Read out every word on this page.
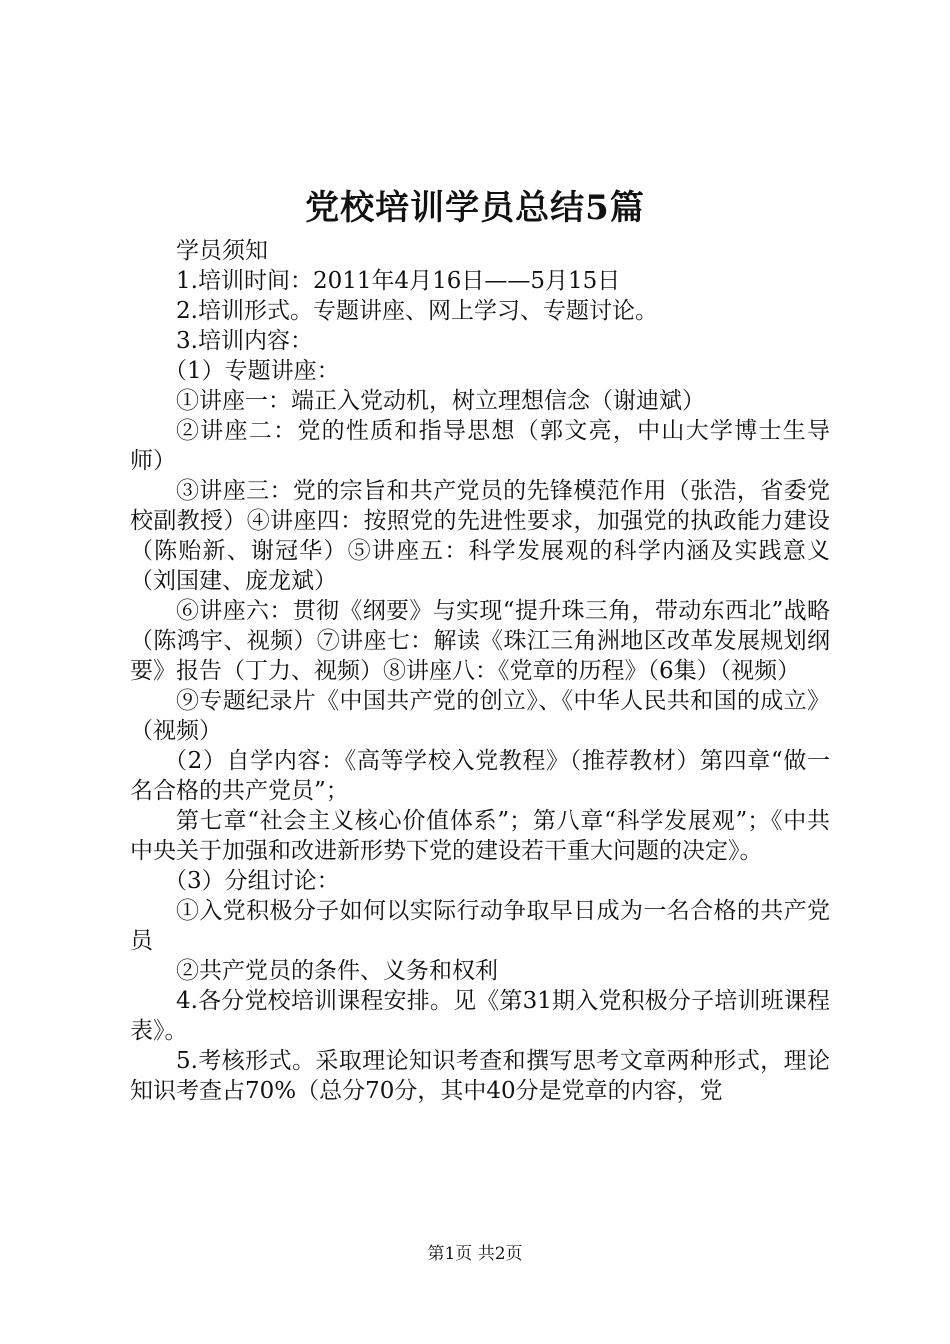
党校培训学员总结5篇

学员须知

1.培训时间：2011年4月16日——5月15日

2.培训形式。专题讲座、网上学习、专题讨论。

3.培训内容：

（1）专题讲座：

①讲座一：端正入党动机，树立理想信念（谢迪斌）

②讲座二：党的性质和指导思想（郭文亮，中山大学博士生导师）

③讲座三：党的宗旨和共产党员的先锋模范作用（张浩，省委党校副教授）④讲座四：按照党的先进性要求，加强党的执政能力建设（陈贻新、谢冠华）⑤讲座五：科学发展观的科学内涵及实践意义（刘国建、庞龙斌）

⑥讲座六：贯彻《纲要》与实现“提升珠三角，带动东西北”战略（陈鸿宇、视频）⑦讲座七：解读《珠江三角洲地区改革发展规划纲要》报告（丁力、视频）⑧讲座八：《党章的历程》（6集）（视频）

⑨专题纪录片《中国共产党的创立》、《中华人民共和国的成立》（视频）

（2）自学内容：《高等学校入党教程》（推荐教材）第四章“做一名合格的共产党员”；

第七章“社会主义核心价值体系”；第八章“科学发展观”；《中共中央关于加强和改进新形势下党的建设若干重大问题的决定》。

（3）分组讨论：

①入党积极分子如何以实际行动争取早日成为一名合格的共产党员

②共产党员的条件、义务和权利

4.各分党校培训课程安排。见《第31期入党积极分子培训班课程表》。

5.考核形式。采取理论知识考查和撰写思考文章两种形式，理论知识考查占70%（总分70分，其中40分是党章的内容，党

第1页 共2页
